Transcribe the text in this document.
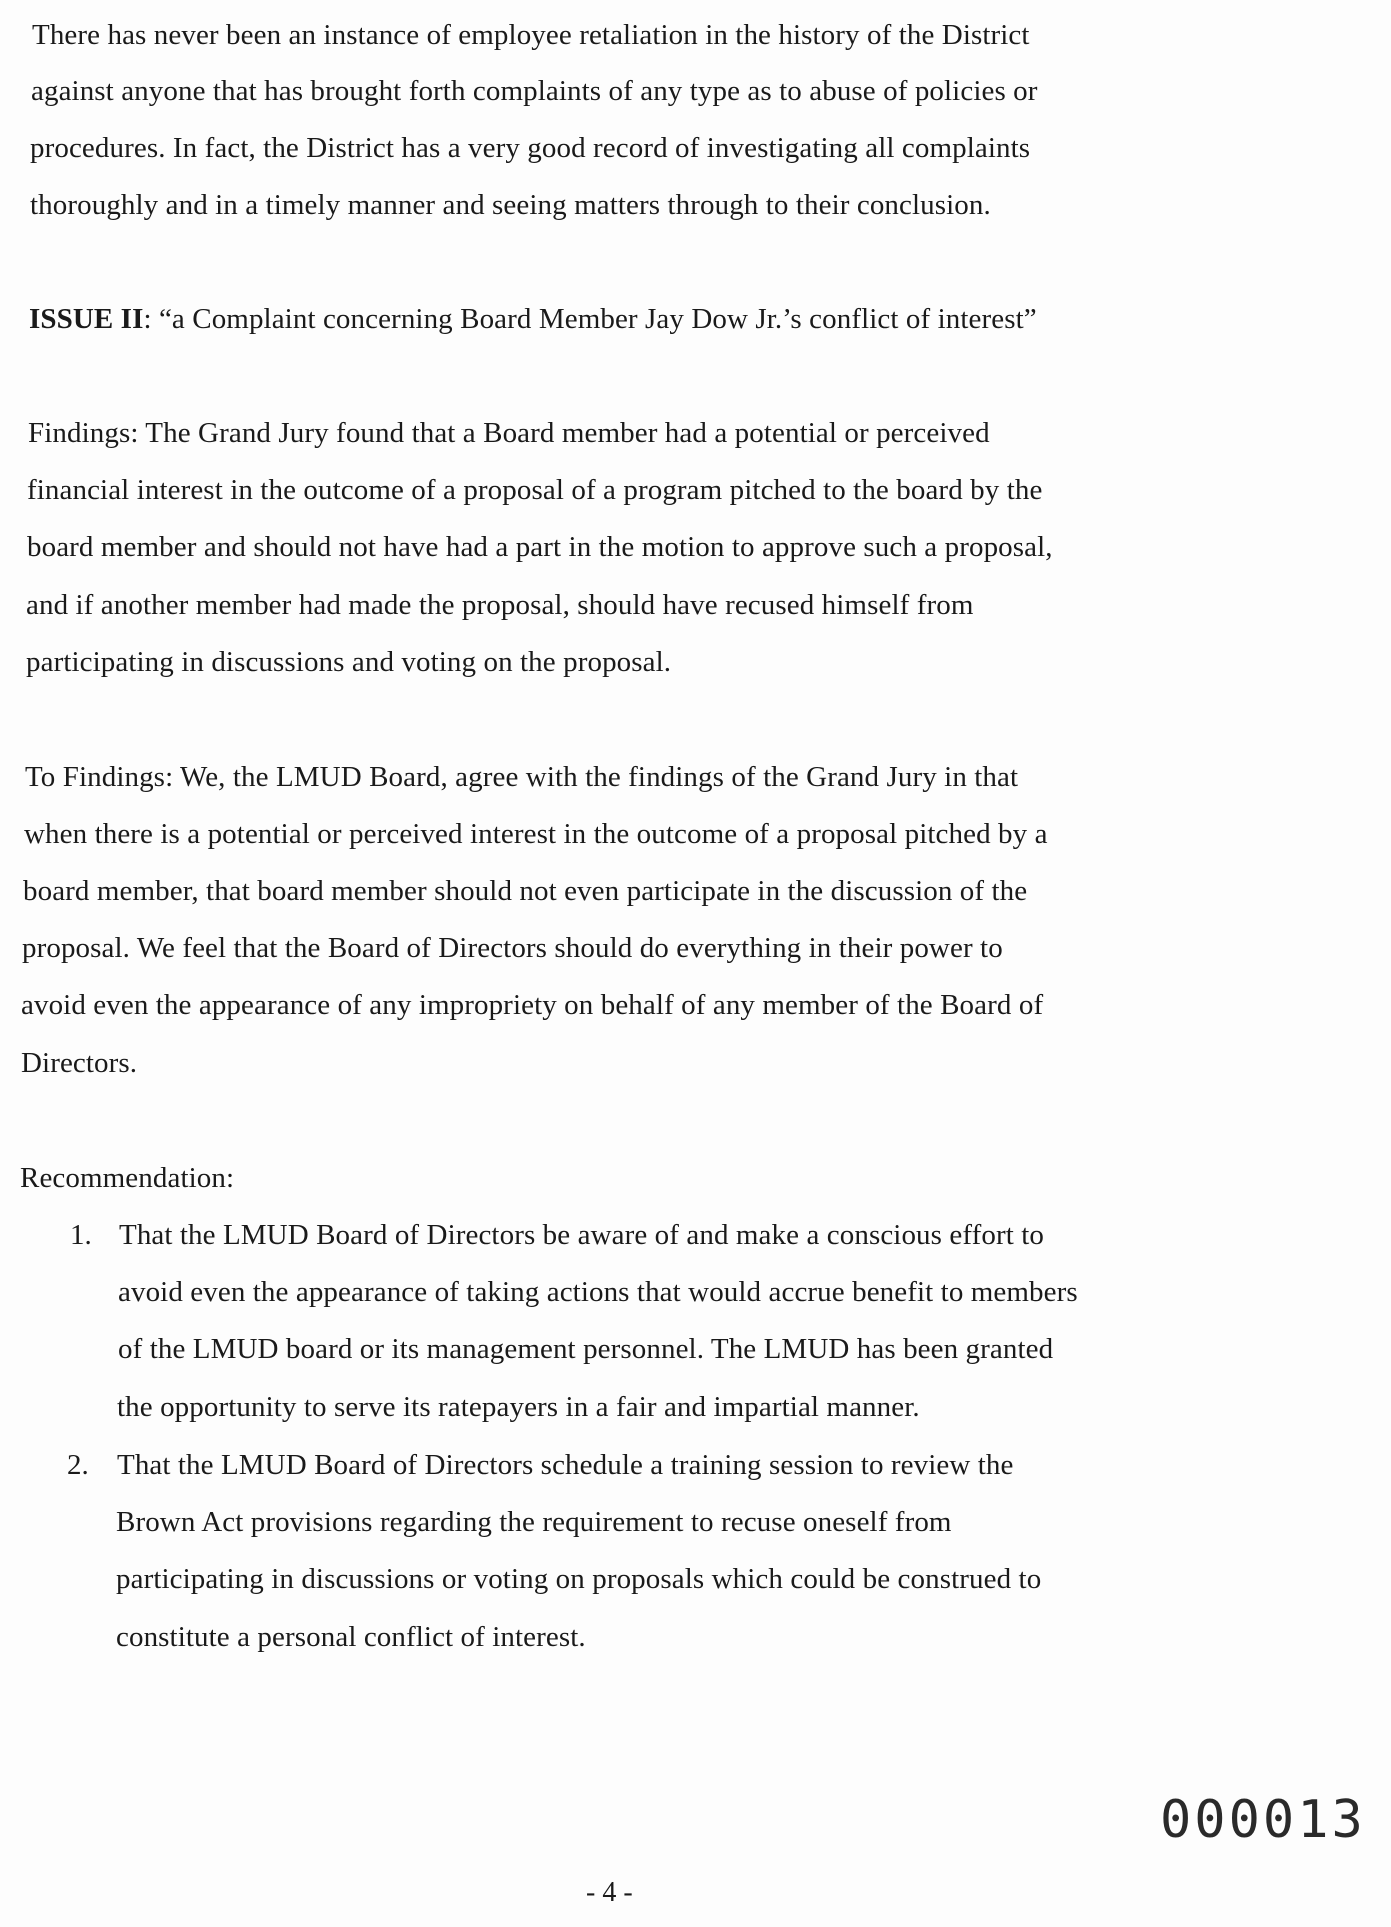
There has never been an instance of employee retaliation in the history of the District
against anyone that has brought forth complaints of any type as to abuse of policies or
procedures. In fact, the District has a very good record of investigating all complaints
thoroughly and in a timely manner and seeing matters through to their conclusion.
ISSUE II: “a Complaint concerning Board Member Jay Dow Jr.’s conflict of interest”
Findings: The Grand Jury found that a Board member had a potential or perceived
financial interest in the outcome of a proposal of a program pitched to the board by the
board member and should not have had a part in the motion to approve such a proposal,
and if another member had made the proposal, should have recused himself from
participating in discussions and voting on the proposal.
To Findings: We, the LMUD Board, agree with the findings of the Grand Jury in that
when there is a potential or perceived interest in the outcome of a proposal pitched by a
board member, that board member should not even participate in the discussion of the
proposal. We feel that the Board of Directors should do everything in their power to
avoid even the appearance of any impropriety on behalf of any member of the Board of
Directors.
Recommendation:
1. That the LMUD Board of Directors be aware of and make a conscious effort to
avoid even the appearance of taking actions that would accrue benefit to members
of the LMUD board or its management personnel. The LMUD has been granted
the opportunity to serve its ratepayers in a fair and impartial manner.
2. That the LMUD Board of Directors schedule a training session to review the
Brown Act provisions regarding the requirement to recuse oneself from
participating in discussions or voting on proposals which could be construed to
constitute a personal conflict of interest.
000013
- 4 -
